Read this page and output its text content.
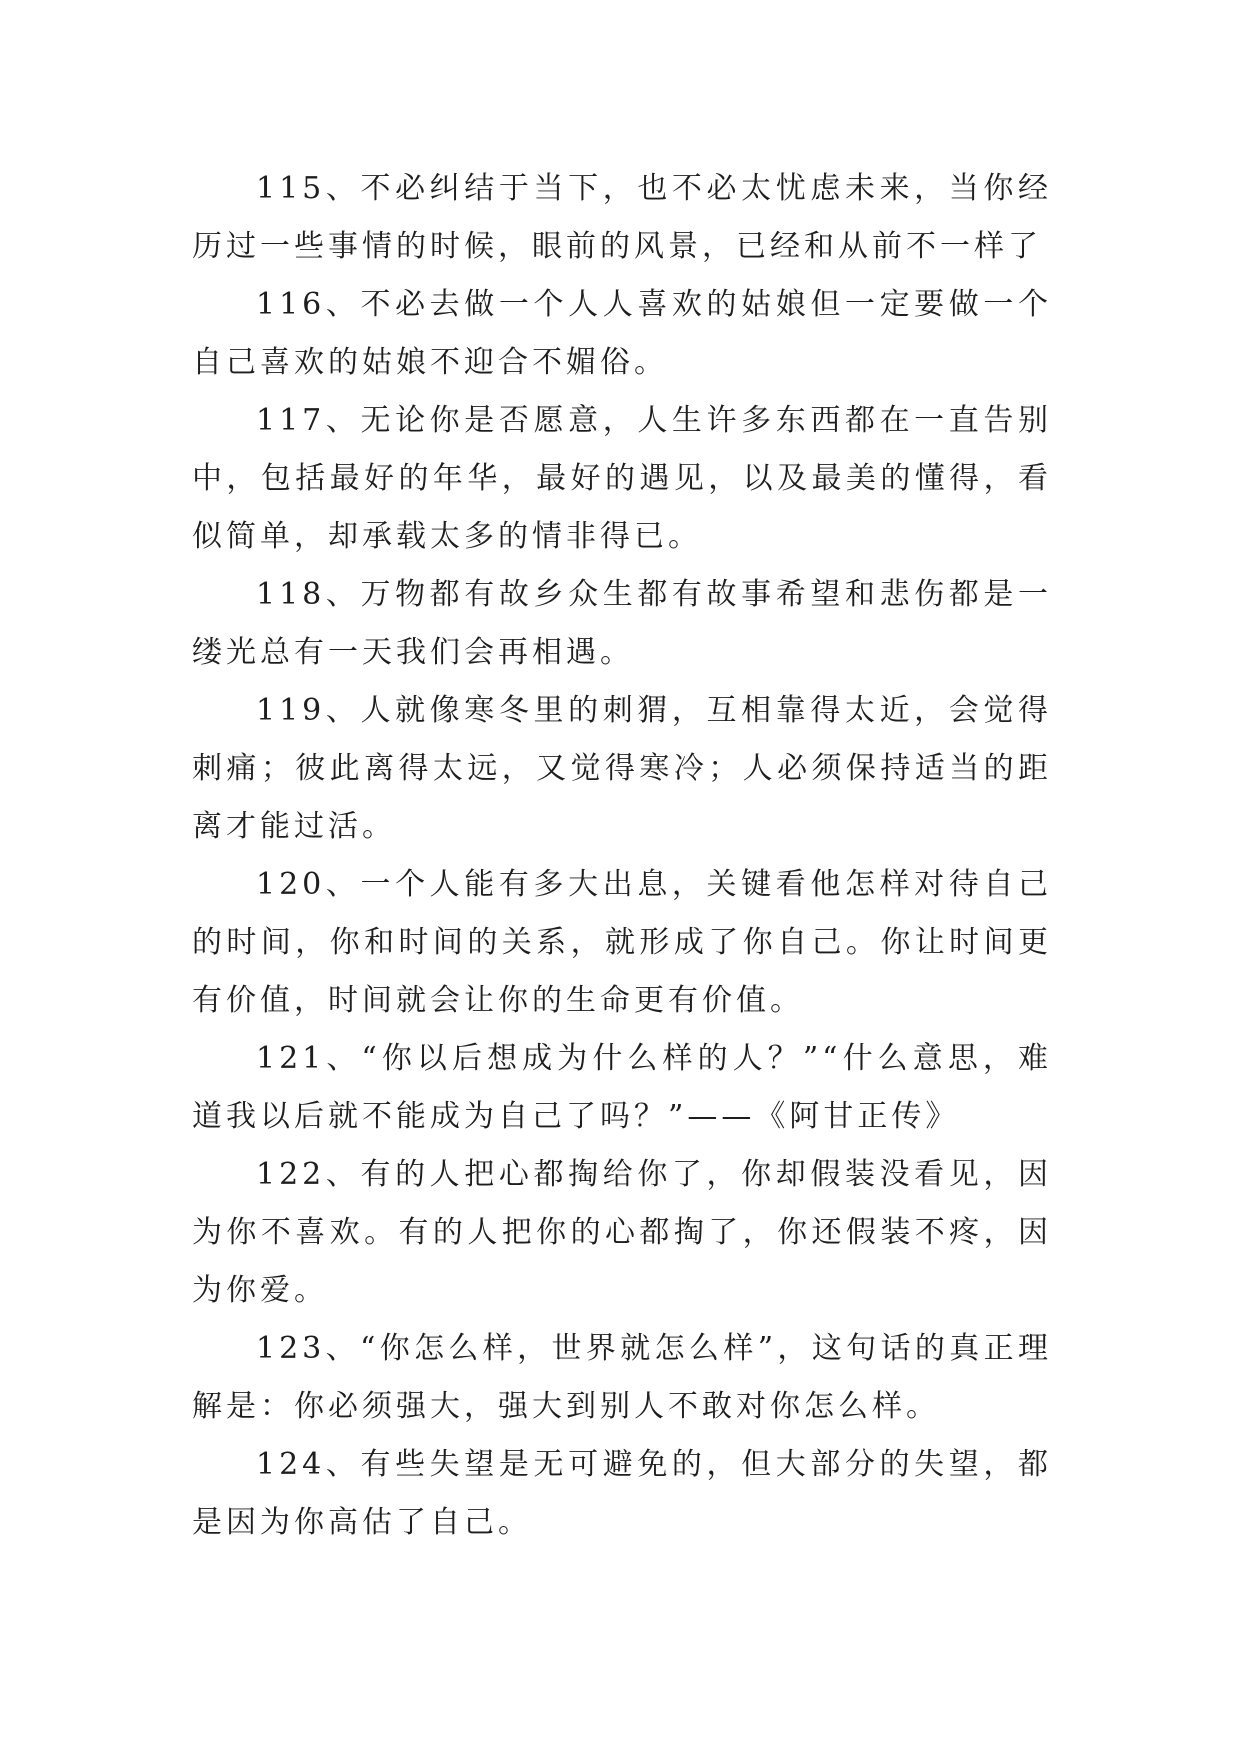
115、不必纠结于当下，也不必太忧虑未来，当你经历过一些事情的时候，眼前的风景，已经和从前不一样了

116、不必去做一个人人喜欢的姑娘但一定要做一个自己喜欢的姑娘不迎合不媚俗。

117、无论你是否愿意，人生许多东西都在一直告别中，包括最好的年华，最好的遇见，以及最美的懂得，看似简单，却承载太多的情非得已。

118、万物都有故乡众生都有故事希望和悲伤都是一缕光总有一天我们会再相遇。

119、人就像寒冬里的刺猬，互相靠得太近，会觉得刺痛；彼此离得太远，又觉得寒冷；人必须保持适当的距离才能过活。

120、一个人能有多大出息，关键看他怎样对待自己的时间，你和时间的关系，就形成了你自己。你让时间更有价值，时间就会让你的生命更有价值。

121、“你以后想成为什么样的人？”“什么意思，难道我以后就不能成为自己了吗？”——《阿甘正传》

122、有的人把心都掏给你了，你却假装没看见，因为你不喜欢。有的人把你的心都掏了，你还假装不疼，因为你爱。

123、“你怎么样，世界就怎么样”，这句话的真正理解是：你必须强大，强大到别人不敢对你怎么样。

124、有些失望是无可避免的，但大部分的失望，都是因为你高估了自己。
